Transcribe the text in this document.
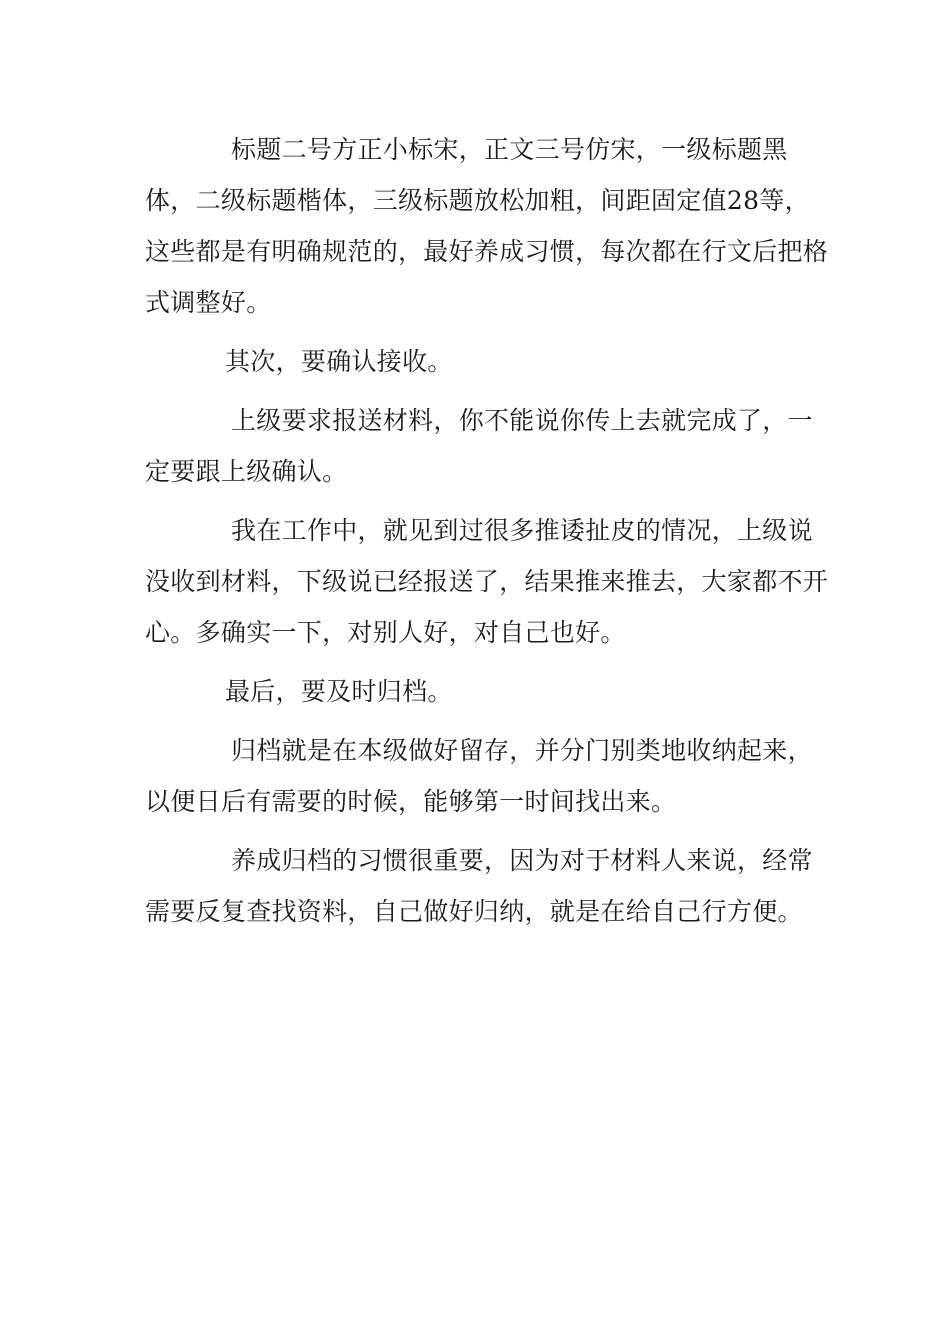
标题二号方正小标宋，正文三号仿宋，一级标题黑体，二级标题楷体，三级标题放松加粗，间距固定值28等，这些都是有明确规范的，最好养成习惯，每次都在行文后把格式调整好。

其次，要确认接收。

上级要求报送材料，你不能说你传上去就完成了，一定要跟上级确认。

我在工作中，就见到过很多推诿扯皮的情况，上级说没收到材料，下级说已经报送了，结果推来推去，大家都不开心。多确实一下，对别人好，对自己也好。

最后，要及时归档。

归档就是在本级做好留存，并分门别类地收纳起来，以便日后有需要的时候，能够第一时间找出来。

养成归档的习惯很重要，因为对于材料人来说，经常需要反复查找资料，自己做好归纳，就是在给自己行方便。
